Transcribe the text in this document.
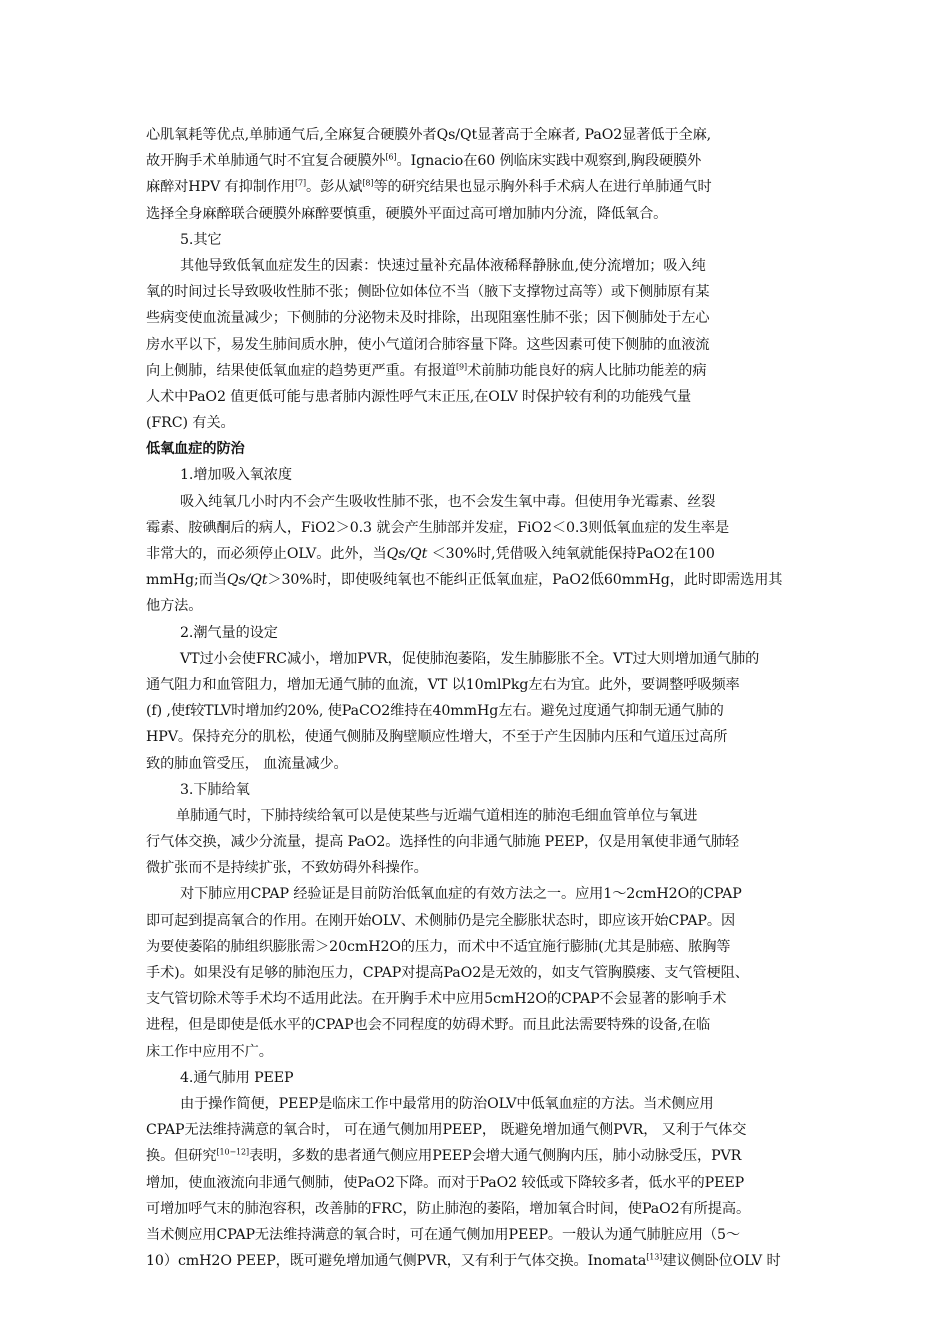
心肌氧耗等优点,单肺通气后,全麻复合硬膜外者Qs/Qt显著高于全麻者, PaO2显著低于全麻,
故开胸手术单肺通气时不宜复合硬膜外[6]。Ignacio在60 例临床实践中观察到,胸段硬膜外
麻醉对HPV 有抑制作用[7]。彭从斌[8]等的研究结果也显示胸外科手术病人在进行单肺通气时
选择全身麻醉联合硬膜外麻醉要慎重，硬膜外平面过高可增加肺内分流，降低氧合。
5.其它
其他导致低氧血症发生的因素：快速过量补充晶体液稀释静脉血,使分流增加；吸入纯
氧的时间过长导致吸收性肺不张；侧卧位如体位不当（腋下支撑物过高等）或下侧肺原有某
些病变使血流量减少；下侧肺的分泌物未及时排除，出现阻塞性肺不张；因下侧肺处于左心
房水平以下，易发生肺间质水肿，使小气道闭合肺容量下降。这些因素可使下侧肺的血液流
向上侧肺，结果使低氧血症的趋势更严重。有报道[9]术前肺功能良好的病人比肺功能差的病
人术中PaO2 值更低可能与患者肺内源性呼气末正压,在OLV 时保护较有利的功能残气量
(FRC) 有关。
低氧血症的防治
1.增加吸入氧浓度
吸入纯氧几小时内不会产生吸收性肺不张，也不会发生氧中毒。但使用争光霉素、丝裂
霉素、胺碘酮后的病人，FiO2＞0.3 就会产生肺部并发症，FiO2＜0.3则低氧血症的发生率是
非常大的，而必须停止OLV。此外，当Qs/Qt ＜30%时,凭借吸入纯氧就能保持PaO2在100
mmHg;而当Qs/Qt＞30%时，即使吸纯氧也不能纠正低氧血症，PaO2低60mmHg，此时即需选用其
他方法。
2.潮气量的设定
VT过小会使FRC减小，增加PVR，促使肺泡萎陷，发生肺膨胀不全。VT过大则增加通气肺的
通气阻力和血管阻力，增加无通气肺的血流，VT 以10mlPkg左右为宜。此外，要调整呼吸频率
(f) ,使f较TLV时增加约20%, 使PaCO2维持在40mmHg左右。避免过度通气抑制无通气肺的
HPV。保持充分的肌松，使通气侧肺及胸壁顺应性增大，不至于产生因肺内压和气道压过高所
致的肺血管受压， 血流量减少。
3.下肺给氧
单肺通气时，下肺持续给氧可以是使某些与近端气道相连的肺泡毛细血管单位与氧进
行气体交换，减少分流量，提高 PaO2。选择性的向非通气肺施 PEEP，仅是用氧使非通气肺轻
微扩张而不是持续扩张，不致妨碍外科操作。
对下肺应用CPAP 经验证是目前防治低氧血症的有效方法之一。应用1～2cmH2O的CPAP
即可起到提高氧合的作用。在刚开始OLV、术侧肺仍是完全膨胀状态时，即应该开始CPAP。因
为要使萎陷的肺组织膨胀需＞20cmH2O的压力，而术中不适宜施行膨肺(尤其是肺癌、脓胸等
手术)。如果没有足够的肺泡压力，CPAP对提高PaO2是无效的，如支气管胸膜瘘、支气管梗阻、
支气管切除术等手术均不适用此法。在开胸手术中应用5cmH2O的CPAP不会显著的影响手术
进程，但是即使是低水平的CPAP也会不同程度的妨碍术野。而且此法需要特殊的设备,在临
床工作中应用不广。
4.通气肺用 PEEP
由于操作简便，PEEP是临床工作中最常用的防治OLV中低氧血症的方法。当术侧应用
CPAP无法维持满意的氧合时， 可在通气侧加用PEEP， 既避免增加通气侧PVR， 又利于气体交
换。但研究[10−12]表明，多数的患者通气侧应用PEEP会增大通气侧胸内压，肺小动脉受压，PVR
增加，使血液流向非通气侧肺，使PaO2下降。而对于PaO2 较低或下降较多者，低水平的PEEP
可增加呼气末的肺泡容积，改善肺的FRC，防止肺泡的萎陷，增加氧合时间，使PaO2有所提高。
当术侧应用CPAP无法维持满意的氧合时，可在通气侧加用PEEP。一般认为通气肺脏应用（5～
10）cmH2O PEEP，既可避免增加通气侧PVR，又有利于气体交换。Inomata[13]建议侧卧位OLV 时
